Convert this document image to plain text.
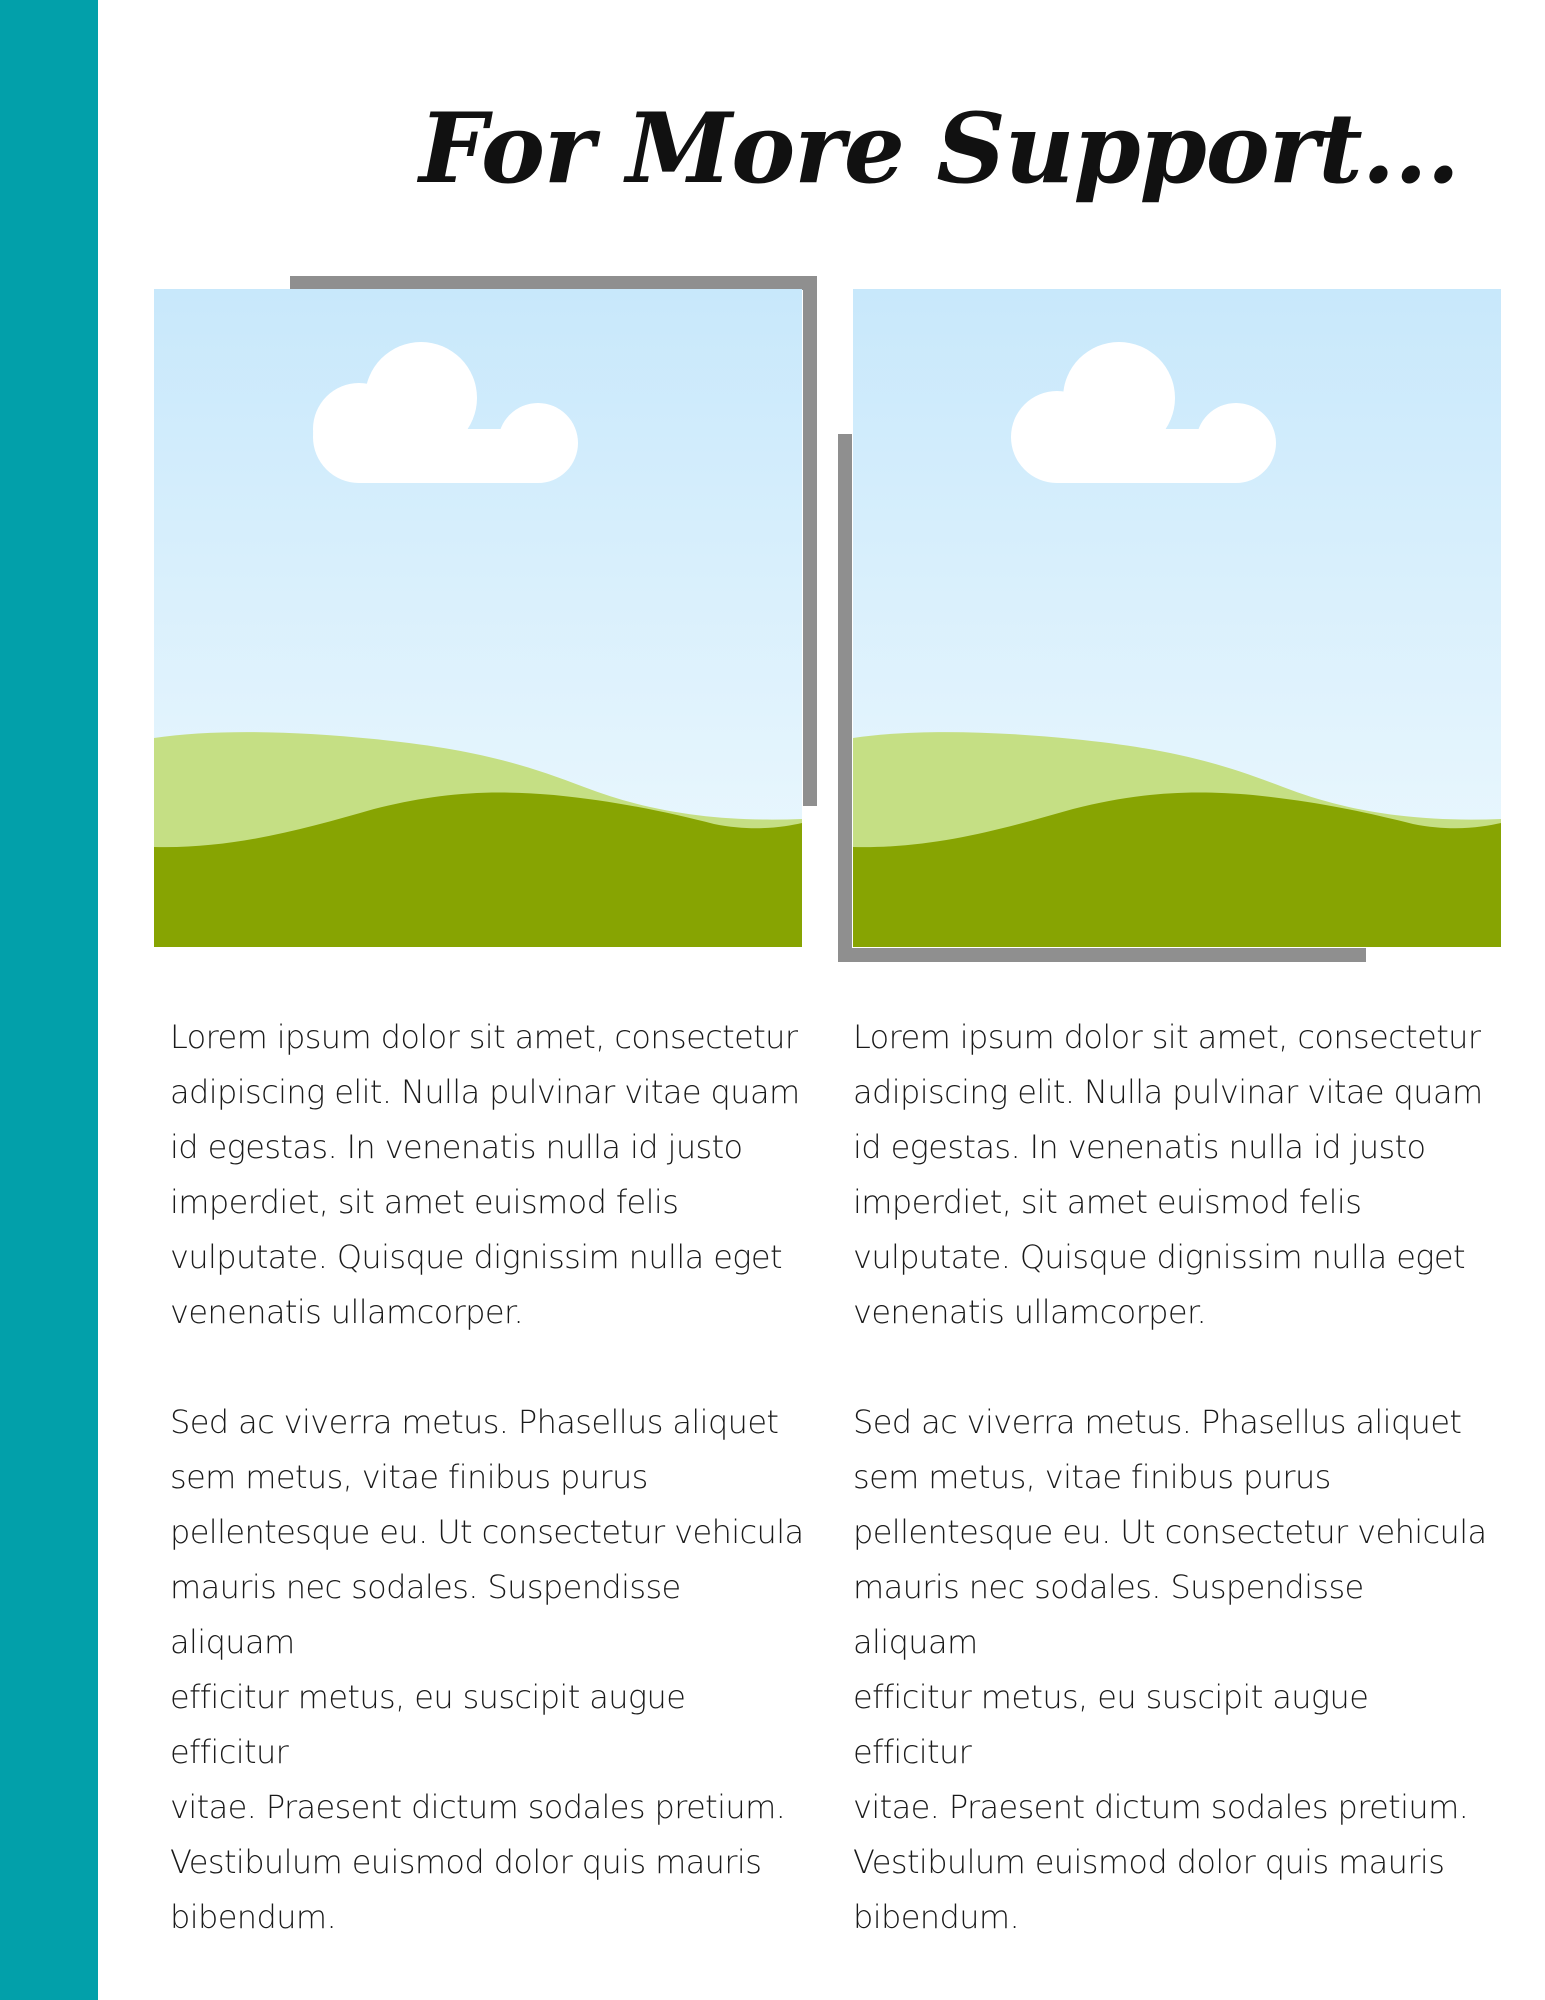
For More Support...

Lorem ipsum dolor sit amet, consectetur
adipiscing elit. Nulla pulvinar vitae quam
id egestas. In venenatis nulla id justo
imperdiet, sit amet euismod felis
vulputate. Quisque dignissim nulla eget
venenatis ullamcorper.

Sed ac viverra metus. Phasellus aliquet
sem metus, vitae finibus purus
pellentesque eu. Ut consectetur vehicula
mauris nec sodales. Suspendisse aliquam
efficitur metus, eu suscipit augue efficitur
vitae. Praesent dictum sodales pretium.
Vestibulum euismod dolor quis mauris
bibendum.

Lorem ipsum dolor sit amet, consectetur
adipiscing elit. Nulla pulvinar vitae quam
id egestas. In venenatis nulla id justo
imperdiet, sit amet euismod felis
vulputate. Quisque dignissim nulla eget
venenatis ullamcorper.

Sed ac viverra metus. Phasellus aliquet
sem metus, vitae finibus purus
pellentesque eu. Ut consectetur vehicula
mauris nec sodales. Suspendisse aliquam
efficitur metus, eu suscipit augue efficitur
vitae. Praesent dictum sodales pretium.
Vestibulum euismod dolor quis mauris
bibendum.
